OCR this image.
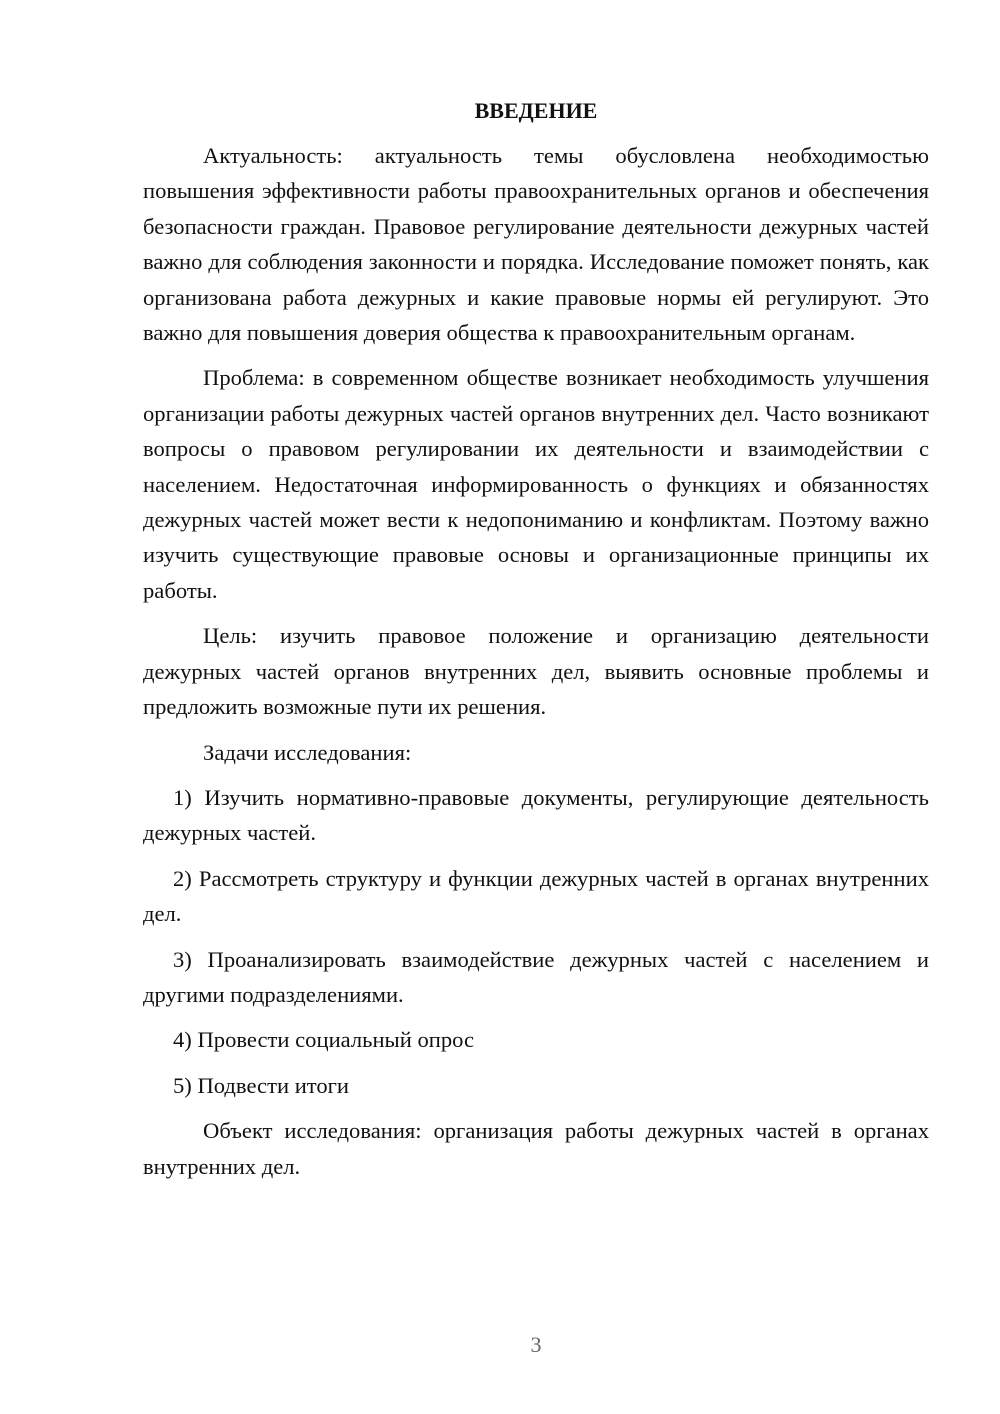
ВВЕДЕНИЕ

Актуальность: актуальность темы обусловлена необходимостью повышения эффективности работы правоохранительных органов и обеспечения безопасности граждан. Правовое регулирование деятельности дежурных частей важно для соблюдения законности и порядка. Исследование поможет понять, как организована работа дежурных и какие правовые нормы ей регулируют. Это важно для повышения доверия общества к правоохранительным органам.

Проблема: в современном обществе возникает необходимость улучшения организации работы дежурных частей органов внутренних дел. Часто возникают вопросы о правовом регулировании их деятельности и взаимодействии с населением. Недостаточная информированность о функциях и обязанностях дежурных частей может вести к недопониманию и конфликтам. Поэтому важно изучить существующие правовые основы и организационные принципы их работы.

Цель: изучить правовое положение и организацию деятельности дежурных частей органов внутренних дел, выявить основные проблемы и предложить возможные пути их решения.

Задачи исследования:

1) Изучить нормативно-правовые документы, регулирующие деятельность дежурных частей.

2) Рассмотреть структуру и функции дежурных частей в органах внутренних дел.

3) Проанализировать взаимодействие дежурных частей с населением и другими подразделениями.

4) Провести социальный опрос

5) Подвести итоги

Объект исследования: организация работы дежурных частей в органах внутренних дел.

3
